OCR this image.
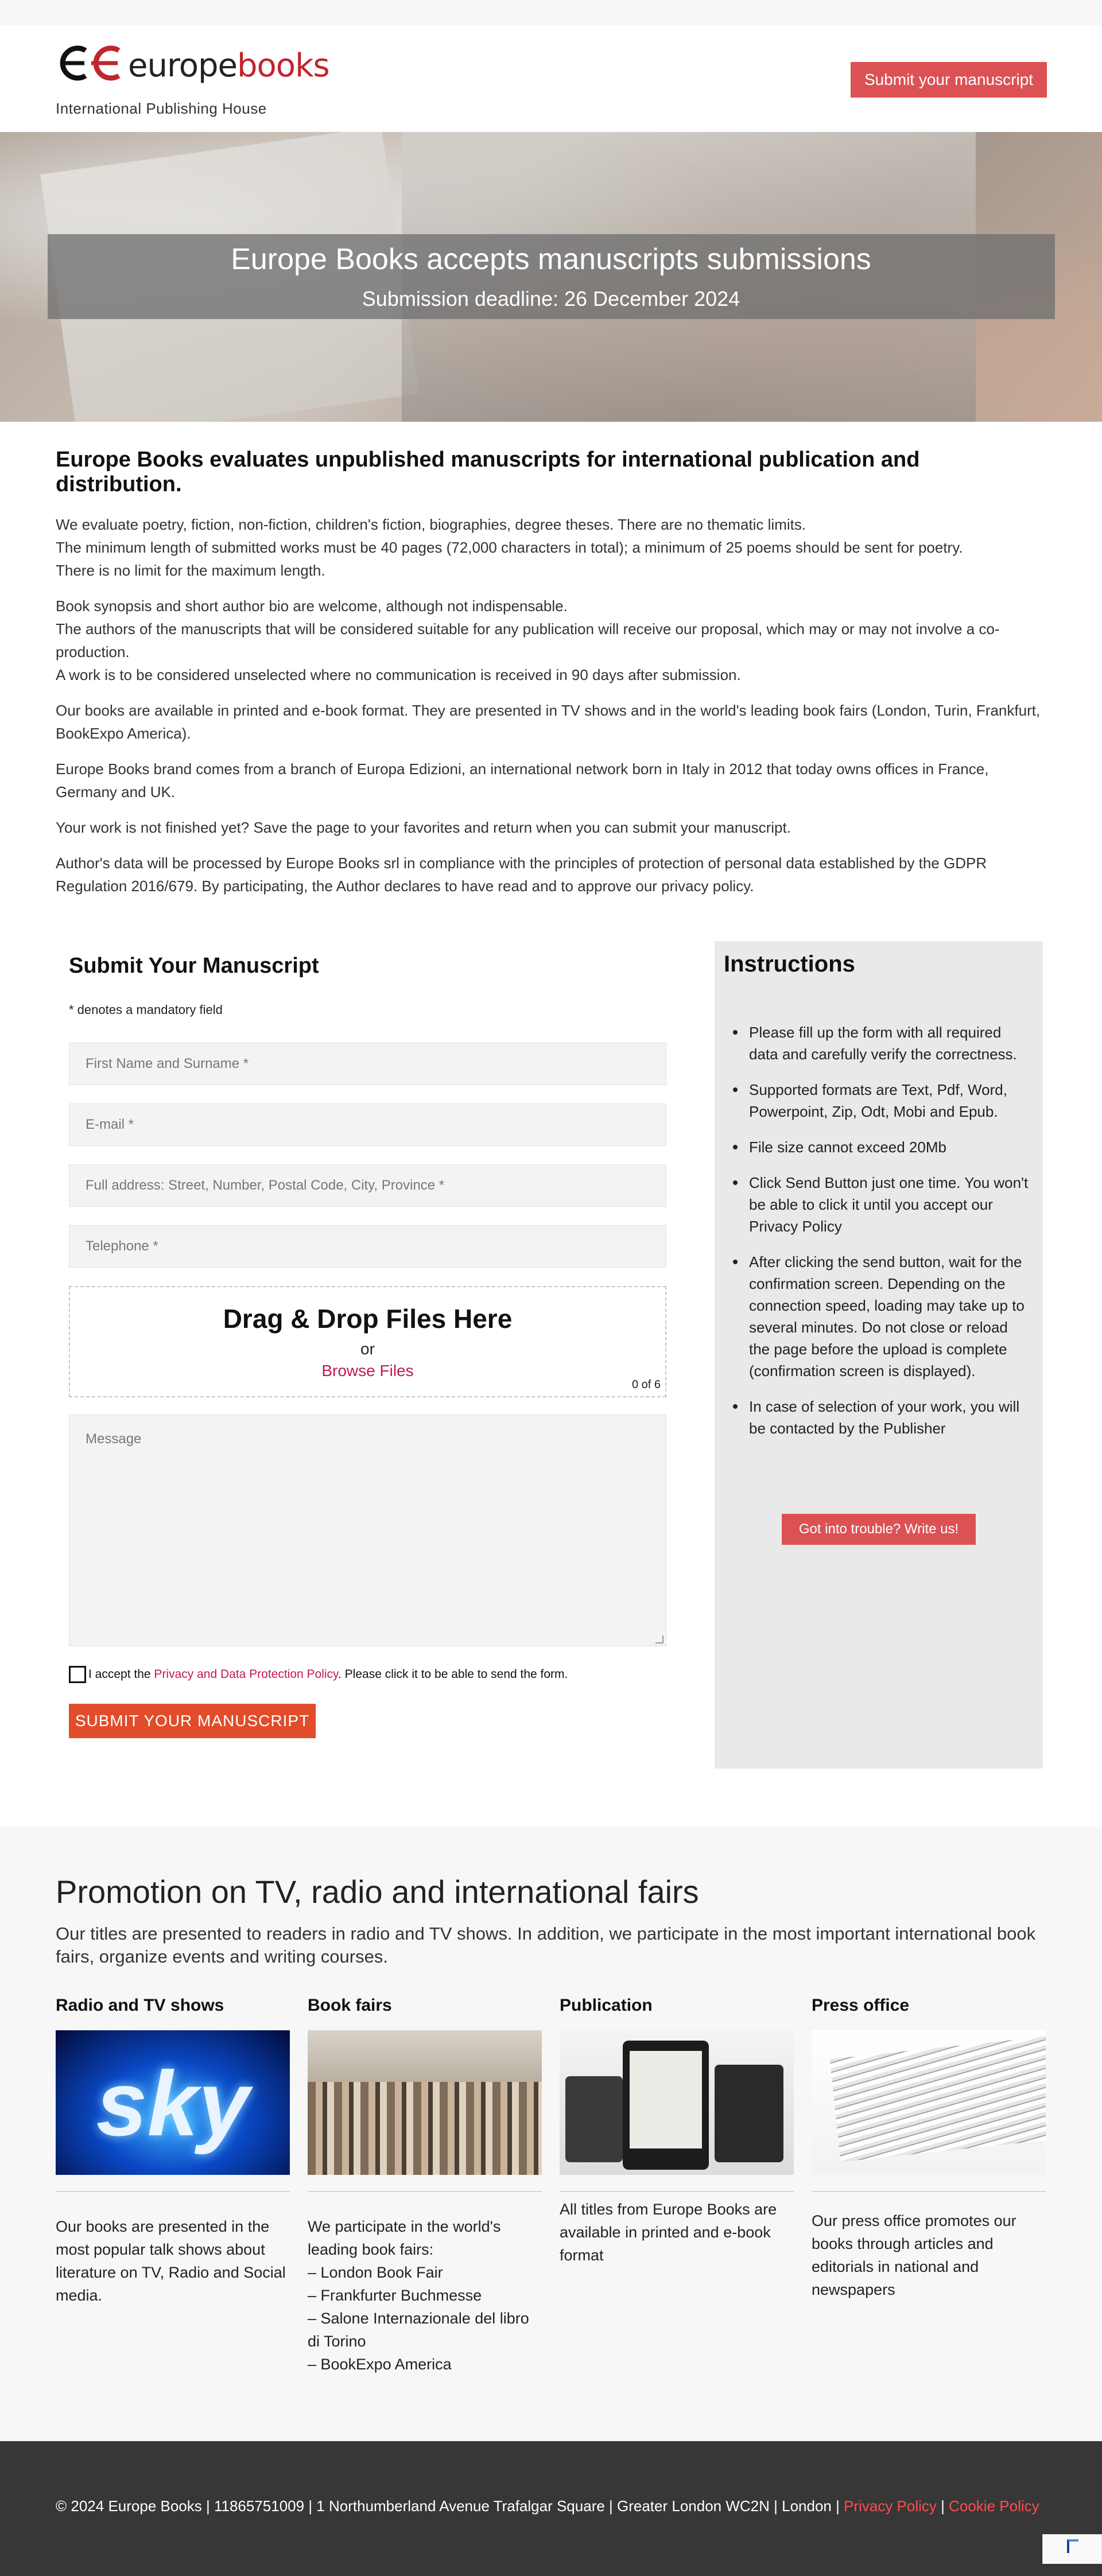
europebooks
International Publishing House
Submit your manuscript
Europe Books accepts manuscripts submissions
Submission deadline: 26 December 2024
Europe Books evaluates unpublished manuscripts for international publication and distribution.

We evaluate poetry, fiction, non-fiction, children's fiction, biographies, degree theses. There are no thematic limits.
The minimum length of submitted works must be 40 pages (72,000 characters in total); a minimum of 25 poems should be sent for poetry.
There is no limit for the maximum length.

Book synopsis and short author bio are welcome, although not indispensable.
The authors of the manuscripts that will be considered suitable for any publication will receive our proposal, which may or may not involve a co-production.
A work is to be considered unselected where no communication is received in 90 days after submission.

Our books are available in printed and e-book format. They are presented in TV shows and in the world's leading book fairs (London, Turin, Frankfurt, BookExpo America).

Europe Books brand comes from a branch of Europa Edizioni, an international network born in Italy in 2012 that today owns offices in France, Germany and UK.

Your work is not finished yet? Save the page to your favorites and return when you can submit your manuscript.

Author's data will be processed by Europe Books srl in compliance with the principles of protection of personal data established by the GDPR Regulation 2016/679. By participating, the Author declares to have read and to approve our privacy policy.

Submit Your Manuscript
* denotes a mandatory field
First Name and Surname *
E-mail *
Full address: Street, Number, Postal Code, City, Province *
Telephone *
Drag & Drop Files Here
or
Browse Files
0 of 6
Message
I accept the Privacy and Data Protection Policy. Please click it to be able to send the form.
SUBMIT YOUR MANUSCRIPT
Instructions
Please fill up the form with all required data and carefully verify the correctness.
Supported formats are Text, Pdf, Word, Powerpoint, Zip, Odt, Mobi and Epub.
File size cannot exceed 20Mb
Click Send Button just one time. You won't be able to click it until you accept our Privacy Policy
After clicking the send button, wait for the confirmation screen. Depending on the connection speed, loading may take up to several minutes. Do not close or reload the page before the upload is complete (confirmation screen is displayed).
In case of selection of your work, you will be contacted by the Publisher
Got into trouble? Write us!
Promotion on TV, radio and international fairs
Our titles are presented to readers in radio and TV shows. In addition, we participate in the most important international book fairs, organize events and writing courses.
Radio and TV shows
sky
Our books are presented in the most popular talk shows about literature on TV, Radio and Social media.
Book fairs
We participate in the world's leading book fairs:
– London Book Fair
– Frankfurter Buchmesse
– Salone Internazionale del libro di Torino
– BookExpo America
Publication
All titles from Europe Books are available in printed and e-book format
Press office
Our press office promotes our books through articles and editorials in national and newspapers

© 2024 Europe Books | 11865751009 | 1 Northumberland Avenue Trafalgar Square | Greater London WC2N | London | Privacy Policy | Cookie Policy
